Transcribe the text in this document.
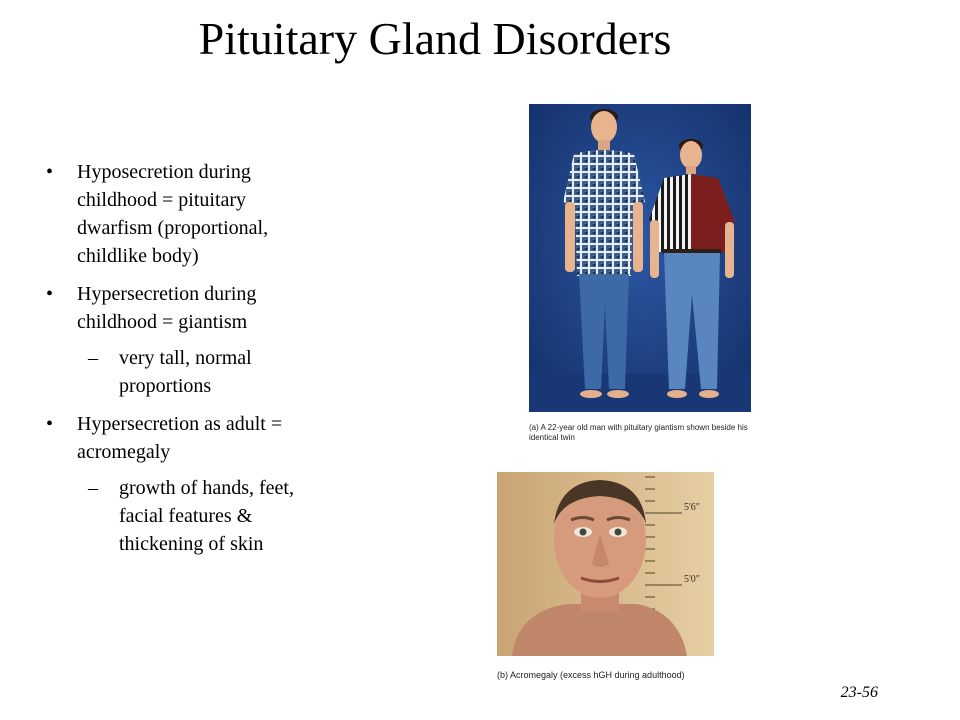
Pituitary Gland Disorders
• Hyposecretion during childhood = pituitary dwarfism (proportional, childlike body)
• Hypersecretion during childhood = giantism
– very tall, normal proportions
• Hypersecretion as adult = acromegaly
– growth of hands, feet, facial features & thickening of skin
(a) A 22-year old man with pituitary giantism shown beside his identical twin
5'6"
5'0"
(b) Acromegaly (excess hGH during adulthood)
23-56
